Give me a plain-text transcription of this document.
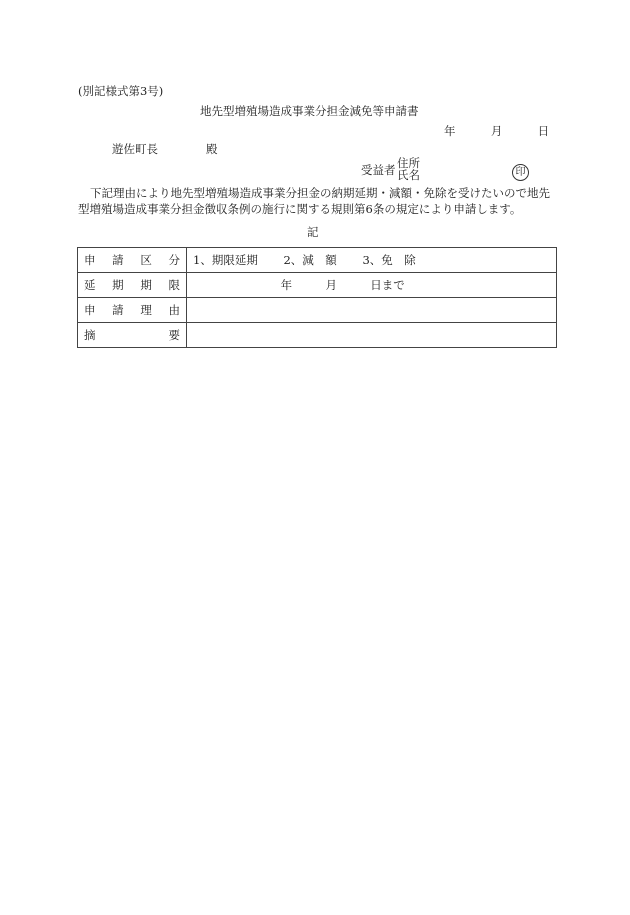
(別記様式第3号)
地先型増殖場造成事業分担金減免等申請書
年	月	日
遊佐町長	殿
受益者 住所
氏名	印
下記理由により地先型増殖場造成事業分担金の納期延期・減額・免除を受けたいので地先型増殖場造成事業分担金徴収条例の施行に関する規則第6条の規定により申請します。
記
申 請 区 分	1、期限延期 2、減　額 3、免　除

延 期 期 限	年 月 日まで

申 請 理 由	

摘 要	
